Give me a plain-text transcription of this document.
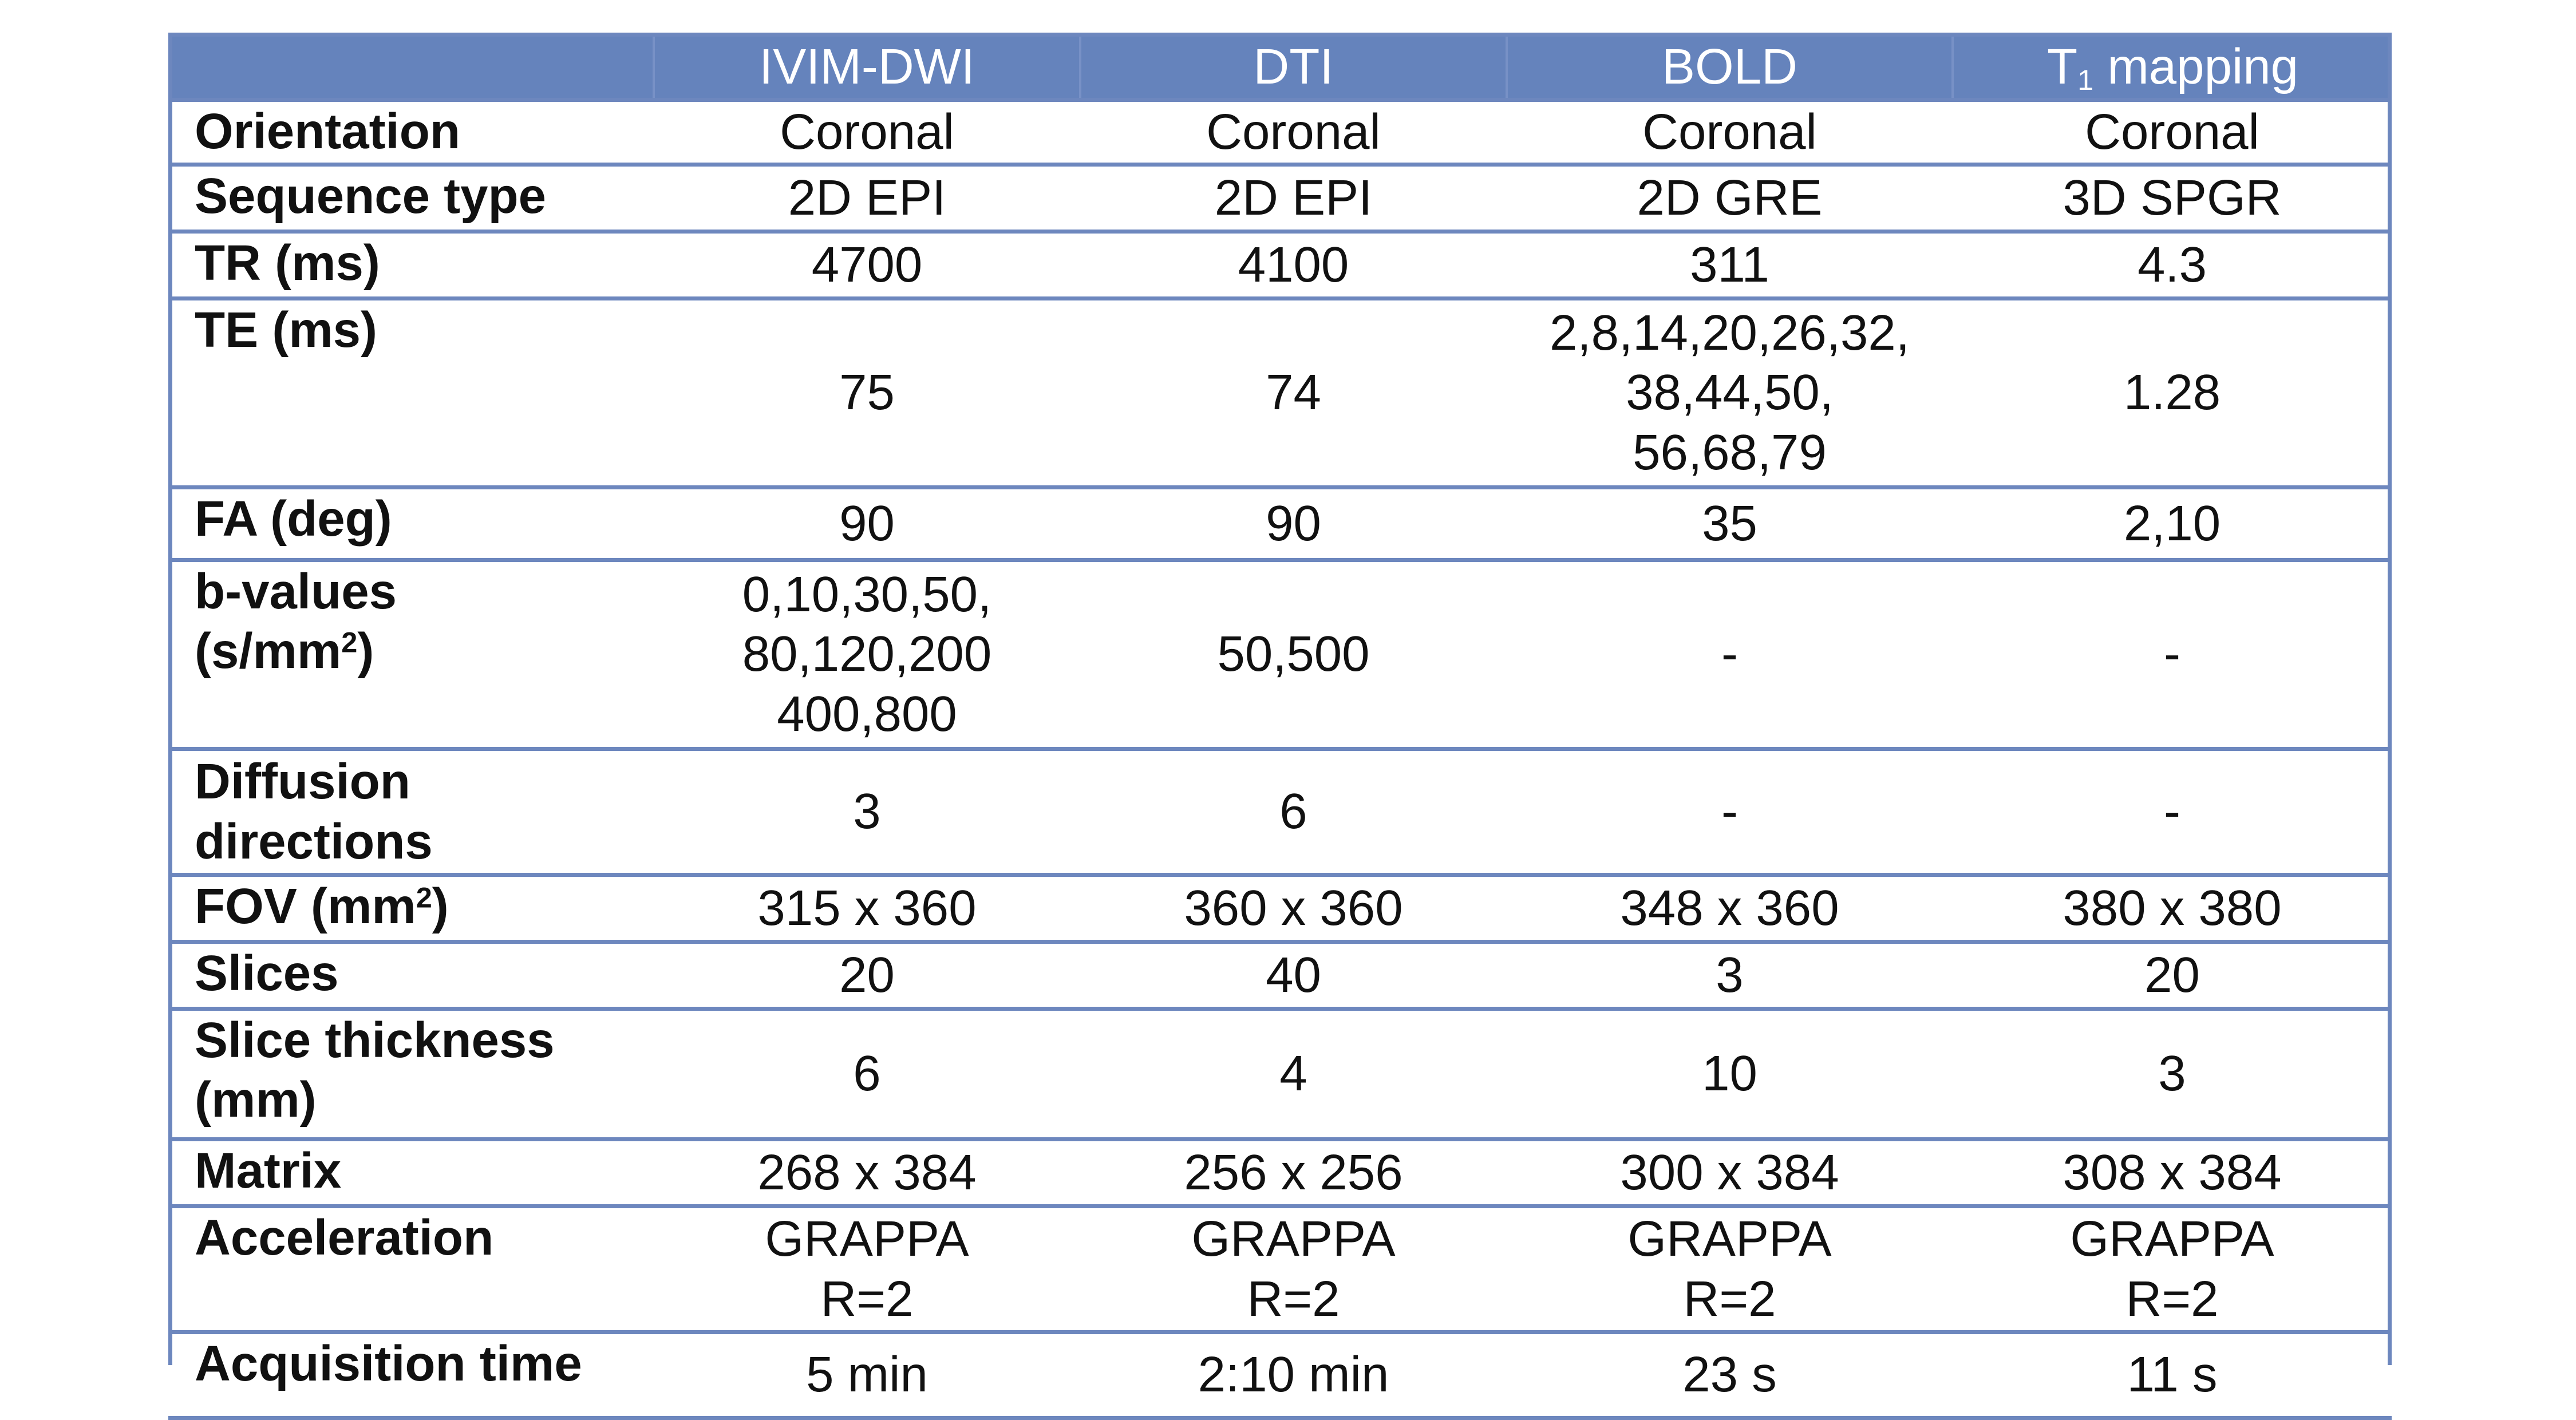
	IVIM-DWI	DTI	BOLD	$T_1$ mapping
Orientation	Coronal	Coronal	Coronal	Coronal
Sequence type	2D EPI	2D EPI	2D GRE	3D SPGR
TR (ms)	4700	4100	311	4.3
TE (ms)	75	74	2,8,14,20,26,32,
38,44,50,
56,68,79	1.28
FA (deg)	90	90	35	2,10

b-values
$(s/mm^2)$	0,10,30,50,
80,120,200
400,800	50,500	-	-

Diffusion
directions	3	6	-	-
FOV $(mm^2)$	315 x 360	360 x 360	348 x 360	380 x 380
Slices	20	40	3	20

Slice thickness
(mm)	6	4	10	3
Matrix	268 x 384	256 x 256	300 x 384	308 x 384
Acceleration	GRAPPA
R=2	GRAPPA
R=2	GRAPPA
R=2	GRAPPA
R=2

Acquisition time	5 min	2:10 min	23 s	11 s
